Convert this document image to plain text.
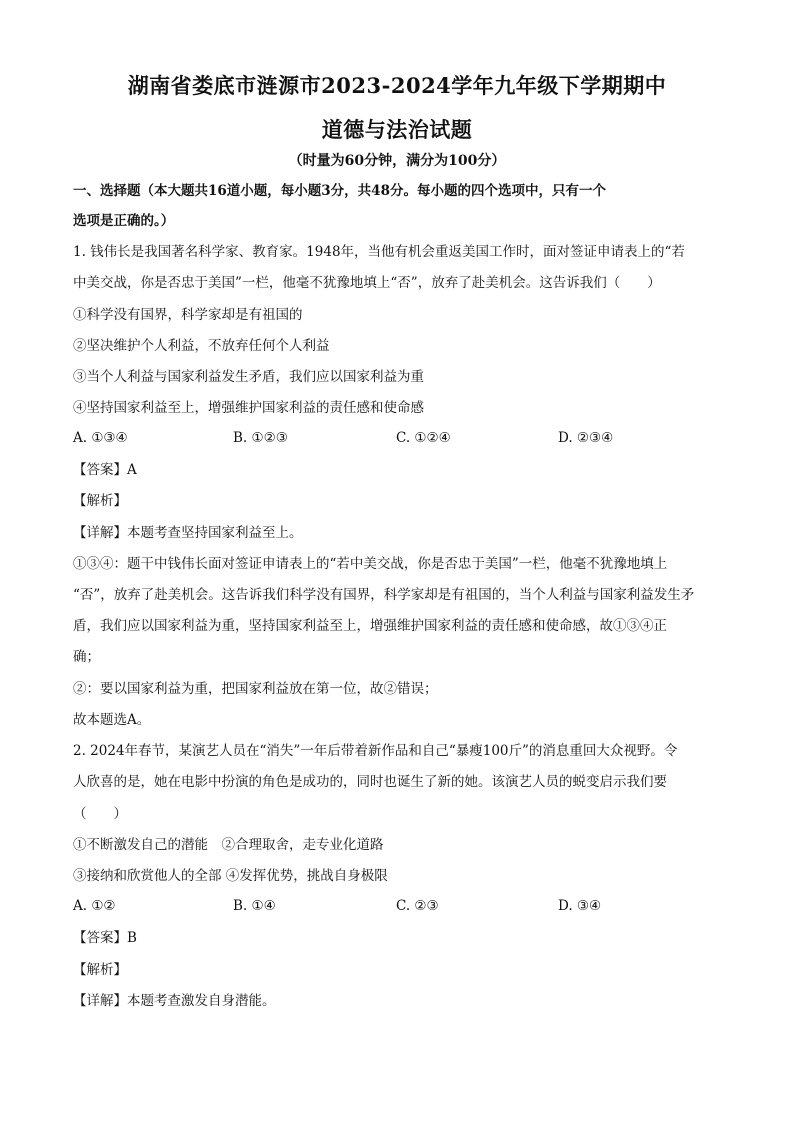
湖南省娄底市涟源市2023-2024学年九年级下学期期中
道德与法治试题
（时量为60分钟，满分为100分）
一、选择题（本大题共16道小题，每小题3分，共48分。每小题的四个选项中，只有一个
选项是正确的。）
1. 钱伟长是我国著名科学家、教育家。1948年，当他有机会重返美国工作时，面对签证申请表上的“若
中美交战，你是否忠于美国”一栏，他毫不犹豫地填上“否”，放弃了赴美机会。这告诉我们（　　）
①科学没有国界，科学家却是有祖国的
②坚决维护个人利益，不放弃任何个人利益
③当个人利益与国家利益发生矛盾，我们应以国家利益为重
④坚持国家利益至上，增强维护国家利益的责任感和使命感
A. ①③④	B. ①②③	C. ①②④	D. ②③④
【答案】A
【解析】
【详解】本题考查坚持国家利益至上。
①③④：题干中钱伟长面对签证申请表上的“若中美交战，你是否忠于美国”一栏，他毫不犹豫地填上
“否”，放弃了赴美机会。这告诉我们科学没有国界，科学家却是有祖国的，当个人利益与国家利益发生矛
盾，我们应以国家利益为重，坚持国家利益至上，增强维护国家利益的责任感和使命感，故①③④正
确；
②：要以国家利益为重，把国家利益放在第一位，故②错误；
故本题选A。
2. 2024年春节，某演艺人员在“消失”一年后带着新作品和自己“暴瘦100斤”的消息重回大众视野。令
人欣喜的是，她在电影中扮演的角色是成功的，同时也诞生了新的她。该演艺人员的蜕变启示我们要
（　　）
①不断激发自己的潜能　②合理取舍，走专业化道路
③接纳和欣赏他人的全部 ④发挥优势，挑战自身极限
A. ①②	B. ①④	C. ②③	D. ③④
【答案】B
【解析】
【详解】本题考查激发自身潜能。
